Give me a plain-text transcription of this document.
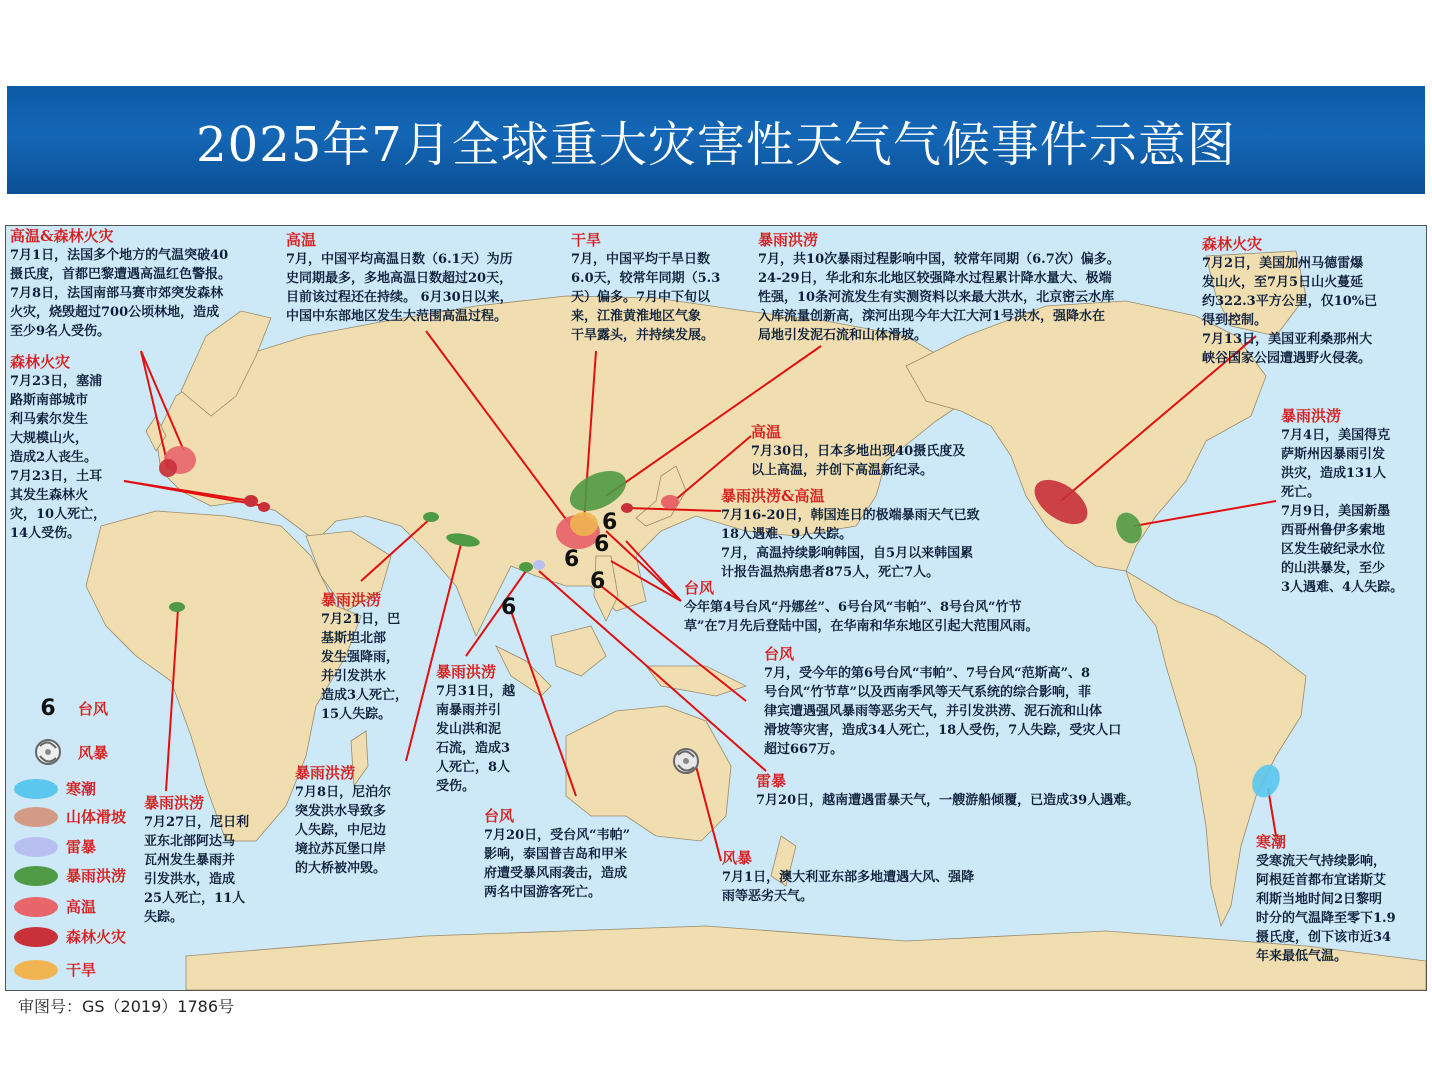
2025年7月全球重大灾害性天气气候事件示意图
6
6
6
6
6
高温&森林火灾
7月1日，法国多个地方的气温突破40
摄氏度，首都巴黎遭遇高温红色警报。
7月8日，法国南部马赛市郊突发森林
火灾，烧毁超过700公顷林地，造成
至少9名人受伤。
森林火灾
7月23日，塞浦
路斯南部城市
利马索尔发生
大规模山火，
造成2人丧生。
7月23日，土耳
其发生森林火
灾，10人死亡，
14人受伤。
高温
7月，中国平均高温日数（6.1天）为历
史同期最多，多地高温日数超过20天，
目前该过程还在持续。 6月30日以来，
中国中东部地区发生大范围高温过程。
干旱
7月，中国平均干旱日数
6.0天，较常年同期（5.3
天）偏多。7月中下旬以
来，江淮黄淮地区气象
干旱露头，并持续发展。
暴雨洪涝
7月，共10次暴雨过程影响中国，较常年同期（6.7次）偏多。
24-29日，华北和东北地区较强降水过程累计降水量大、极端
性强，10条河流发生有实测资料以来最大洪水，北京密云水库
入库流量创新高，滦河出现今年大江大河1号洪水，强降水在
局地引发泥石流和山体滑坡。
森林火灾
7月2日，美国加州马德雷爆
发山火，至7月5日山火蔓延
约322.3平方公里，仅10%已
得到控制。
7月13日，美国亚利桑那州大
峡谷国家公园遭遇野火侵袭。
暴雨洪涝
7月4日，美国得克
萨斯州因暴雨引发
洪灾，造成131人
死亡。
7月9日，美国新墨
西哥州鲁伊多索地
区发生破纪录水位
的山洪暴发，至少
3人遇难、4人失踪。
高温
7月30日，日本多地出现40摄氏度及
以上高温，并创下高温新纪录。
暴雨洪涝&高温
7月16-20日，韩国连日的极端暴雨天气已致
18人遇难、9人失踪。
7月，高温持续影响韩国，自5月以来韩国累
计报告温热病患者875人，死亡7人。
台风
今年第4号台风“丹娜丝”、6号台风“韦帕”、8号台风“竹节
草”在7月先后登陆中国，在华南和华东地区引起大范围风雨。
台风
7月，受今年的第6号台风“韦帕”、7号台风“范斯高”、8
号台风“竹节草”以及西南季风等天气系统的综合影响，菲
律宾遭遇强风暴雨等恶劣天气，并引发洪涝、泥石流和山体
滑坡等灾害，造成34人死亡，18人受伤，7人失踪，受灾人口
超过667万。
暴雨洪涝
7月21日，巴
基斯坦北部
发生强降雨，
并引发洪水
造成3人死亡，
15人失踪。
暴雨洪涝
7月31日，越
南暴雨并引
发山洪和泥
石流，造成3
人死亡，8人
受伤。
暴雨洪涝
7月8日，尼泊尔
突发洪水导致多
人失踪，中尼边
境拉苏瓦堡口岸
的大桥被冲毁。
暴雨洪涝
7月27日，尼日利
亚东北部阿达马
瓦州发生暴雨并
引发洪水，造成
25人死亡，11人
失踪。
台风
7月20日，受台风“韦帕”
影响，泰国普吉岛和甲米
府遭受暴风雨袭击，造成
两名中国游客死亡。
雷暴
7月20日，越南遭遇雷暴天气，一艘游船倾覆，已造成39人遇难。
风暴
7月1日，澳大利亚东部多地遭遇大风、强降
雨等恶劣天气。
寒潮
受寒流天气持续影响，
阿根廷首都布宜诺斯艾
利斯当地时间2日黎明
时分的气温降至零下1.9
摄氏度，创下该市近34
年来最低气温。
6	台风
风暴
寒潮
山体滑坡
雷暴
暴雨洪涝
高温
森林火灾
干旱
审图号：GS（2019）1786号
